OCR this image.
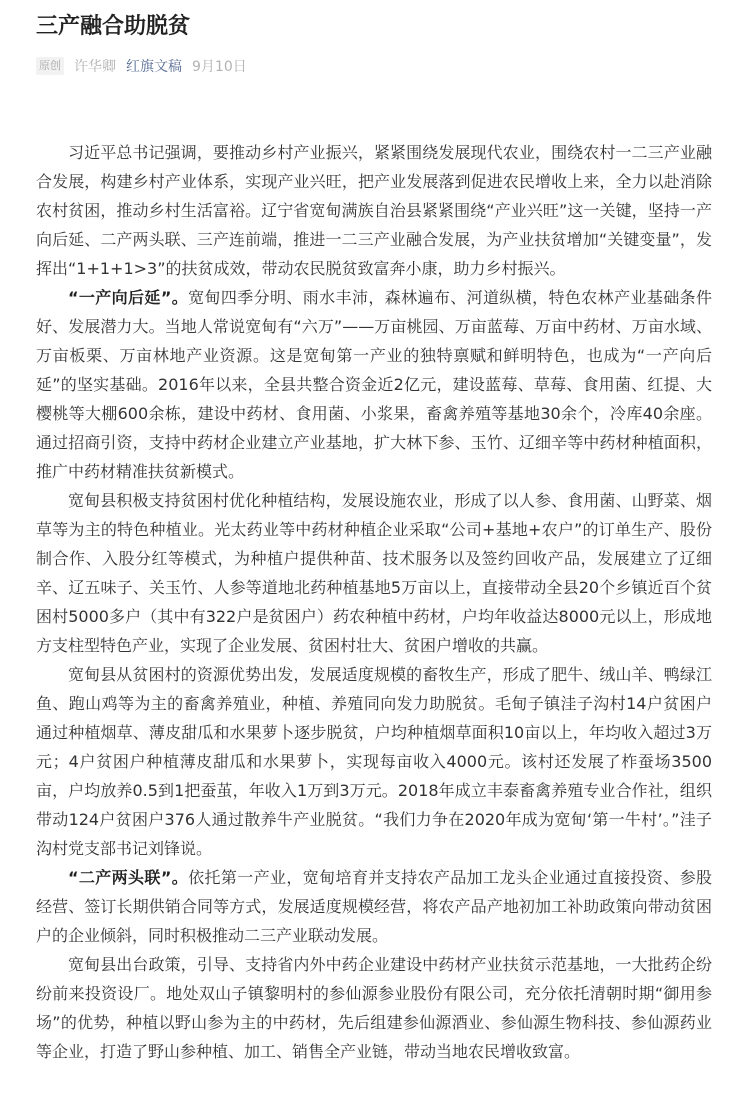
三产融合助脱贫
原创 许华卿 红旗文稿 9月10日

习近平总书记强调，要推动乡村产业振兴，紧紧围绕发展现代农业，围绕农村一二三产业融合发展，构建乡村产业体系，实现产业兴旺，把产业发展落到促进农民增收上来，全力以赴消除农村贫困，推动乡村生活富裕。辽宁省宽甸满族自治县紧紧围绕“产业兴旺”这一关键，坚持一产向后延、二产两头联、三产连前端，推进一二三产业融合发展，为产业扶贫增加“关键变量”，发挥出“1+1+1>3”的扶贫成效，带动农民脱贫致富奔小康，助力乡村振兴。

“一产向后延”。宽甸四季分明、雨水丰沛，森林遍布、河道纵横，特色农林产业基础条件好、发展潜力大。当地人常说宽甸有“六万”——万亩桃园、万亩蓝莓、万亩中药材、万亩水域、万亩板栗、万亩林地产业资源。这是宽甸第一产业的独特禀赋和鲜明特色，也成为“一产向后延”的坚实基础。2016年以来，全县共整合资金近2亿元，建设蓝莓、草莓、食用菌、红提、大樱桃等大棚600余栋，建设中药材、食用菌、小浆果，畜禽养殖等基地30余个，冷库40余座。通过招商引资，支持中药材企业建立产业基地，扩大林下参、玉竹、辽细辛等中药材种植面积，推广中药材精准扶贫新模式。

宽甸县积极支持贫困村优化种植结构，发展设施农业，形成了以人参、食用菌、山野菜、烟草等为主的特色种植业。光太药业等中药材种植企业采取“公司+基地+农户”的订单生产、股份制合作、入股分红等模式，为种植户提供种苗、技术服务以及签约回收产品，发展建立了辽细辛、辽五味子、关玉竹、人参等道地北药种植基地5万亩以上，直接带动全县20个乡镇近百个贫困村5000多户（其中有322户是贫困户）药农种植中药材，户均年收益达8000元以上，形成地方支柱型特色产业，实现了企业发展、贫困村壮大、贫困户增收的共赢。

宽甸县从贫困村的资源优势出发，发展适度规模的畜牧生产，形成了肥牛、绒山羊、鸭绿江鱼、跑山鸡等为主的畜禽养殖业，种植、养殖同向发力助脱贫。毛甸子镇洼子沟村14户贫困户通过种植烟草、薄皮甜瓜和水果萝卜逐步脱贫，户均种植烟草面积10亩以上，年均收入超过3万元；4户贫困户种植薄皮甜瓜和水果萝卜，实现每亩收入4000元。该村还发展了柞蚕场3500亩，户均放养0.5到1把蚕茧，年收入1万到3万元。2018年成立丰泰畜禽养殖专业合作社，组织带动124户贫困户376人通过散养牛产业脱贫。“我们力争在2020年成为宽甸‘第一牛村’。”洼子沟村党支部书记刘锋说。

“二产两头联”。依托第一产业，宽甸培育并支持农产品加工龙头企业通过直接投资、参股经营、签订长期供销合同等方式，发展适度规模经营，将农产品产地初加工补助政策向带动贫困户的企业倾斜，同时积极推动二三产业联动发展。

宽甸县出台政策，引导、支持省内外中药企业建设中药材产业扶贫示范基地，一大批药企纷纷前来投资设厂。地处双山子镇黎明村的参仙源参业股份有限公司，充分依托清朝时期“御用参场”的优势，种植以野山参为主的中药材，先后组建参仙源酒业、参仙源生物科技、参仙源药业等企业，打造了野山参种植、加工、销售全产业链，带动当地农民增收致富。
